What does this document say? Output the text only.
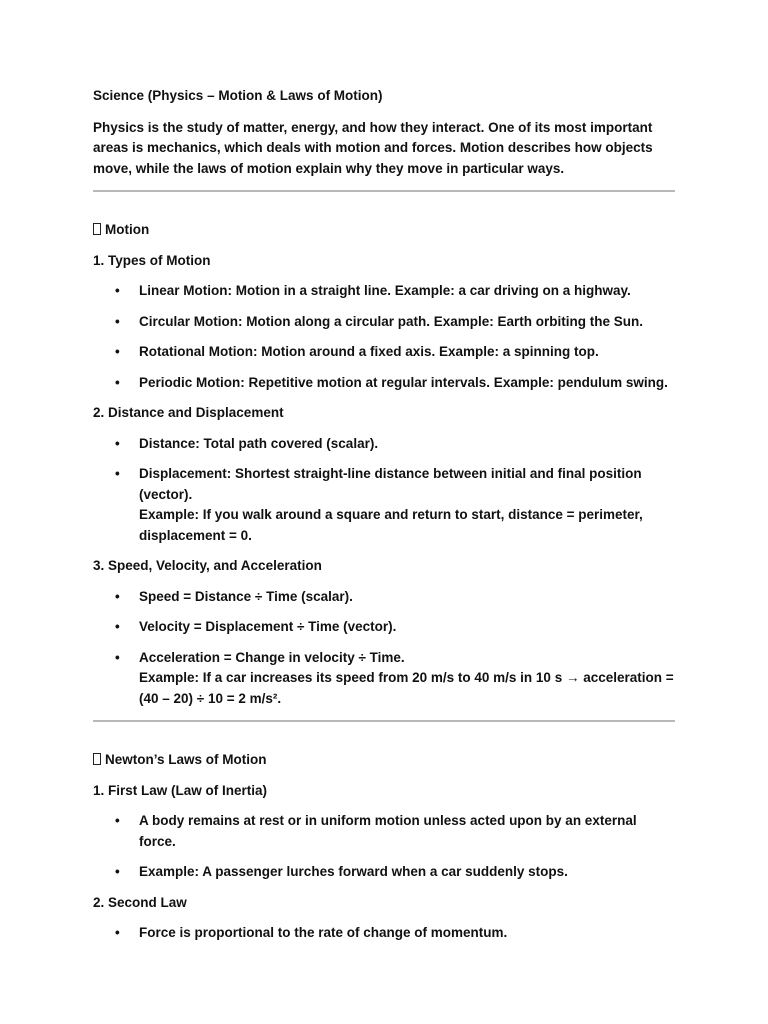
Science (Physics – Motion & Laws of Motion)

Physics is the study of matter, energy, and how they interact. One of its most important areas is mechanics, which deals with motion and forces. Motion describes how objects move, while the laws of motion explain why they move in particular ways.

Motion

1. Types of Motion

• Linear Motion: Motion in a straight line. Example: a car driving on a highway.
• Circular Motion: Motion along a circular path. Example: Earth orbiting the Sun.
• Rotational Motion: Motion around a fixed axis. Example: a spinning top.
• Periodic Motion: Repetitive motion at regular intervals. Example: pendulum swing.

2. Distance and Displacement

• Distance: Total path covered (scalar).
• Displacement: Shortest straight-line distance between initial and final position (vector).
Example: If you walk around a square and return to start, distance = perimeter, displacement = 0.

3. Speed, Velocity, and Acceleration

• Speed = Distance ÷ Time (scalar).
• Velocity = Displacement ÷ Time (vector).
• Acceleration = Change in velocity ÷ Time.
Example: If a car increases its speed from 20 m/s to 40 m/s in 10 s → acceleration = (40 – 20) ÷ 10 = 2 m/s².

Newton’s Laws of Motion

1. First Law (Law of Inertia)

• A body remains at rest or in uniform motion unless acted upon by an external force.
• Example: A passenger lurches forward when a car suddenly stops.

2. Second Law

• Force is proportional to the rate of change of momentum.
